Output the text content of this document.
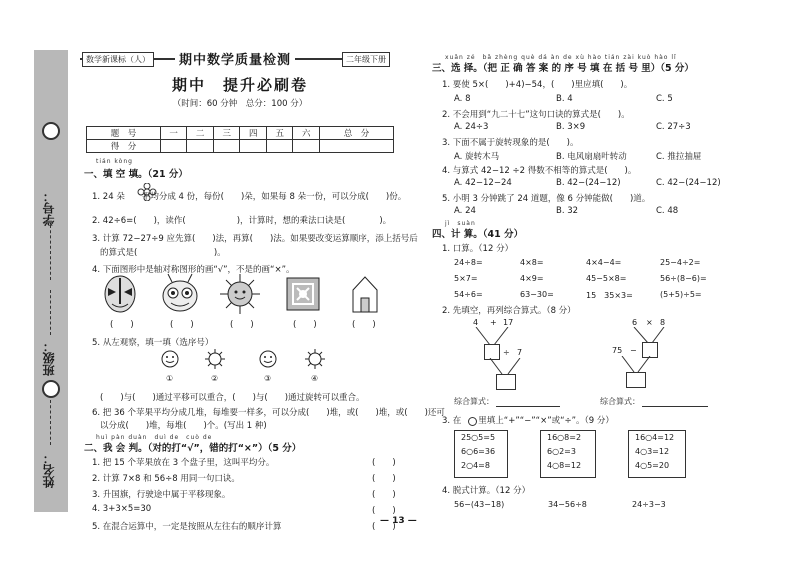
学号：
班级：
姓名：
数学新课标（人）	期中数学质量检测	二年级下册
期中　提升必刷卷
（时间：60 分钟　总分：100 分）
题　号	一	二	三	四	五	六	总　分
得　分							
tián kòng
一、填 空 填。（21 分）
1. 24 朵　　平均分成 4 份，每份(　　)朵，如果每 8 朵一份，可以分成(　　)份。
2. 42÷6=(　　)，读作(　　　　　　)，计算时，想的乘法口诀是(　　　　)。
3. 计算 72−27÷9 应先算(　　)法，再算(　　)法。如果要改变运算顺序，添上括号后
的算式是(　　　　　　　　　)。
4. 下面图形中是轴对称图形的画“√”，不是的画“×”。
(　　)	(　　)	(　　)	(　　)	(　　)
5. 从左观察，填一填（选序号）
①	②	③	④
(　　)与(　　)通过平移可以重合，(　　)与(　　)通过旋转可以重合。
6. 把 36 个苹果平均分成几堆，每堆要一样多，可以分成(　　)堆，或(　　)堆，或(　　)还可
以分成(　　)堆，每堆(　　)个。(写出 1 种)
huì pàn duàn　duì de　cuò de
二、我 会 判。（对的打“√”，错的打“×”）（5 分）
1. 把 15 个苹果放在 3 个盘子里，这叫平均分。
2. 计算 7×8 和 56÷8 用同一句口诀。
3. 升国旗，行驶途中属于平移现象。
4. 3+3×5=30
5. 在混合运算中，一定是按照从左往右的顺序计算
(　　)
(　　)
(　　)
(　　)
(　　)
— 13 —
xuǎn zé　bǎ zhèng què dá àn de xù hào tián zài kuò hào lǐ
三、选 择。（把 正 确 答 案 的 序 号 填 在 括 号 里）（5 分）
1. 要使 5×(　　)+4)−54，(　　)里应填(　　)。
A. 8	B. 4	C. 5
2. 不会用到“九二十七”这句口诀的算式是(　　)。
A. 24÷3	B. 3×9	C. 27÷3
3. 下面不属于旋转现象的是(　　)。
A. 旋转木马	B. 电风扇扇叶转动	C. 推拉抽屉
4. 与算式 42−12 ÷2 得数不相等的算式是(　　)。
A. 42−12−24	B. 42−(24−12)	C. 42−(24−12)
5. 小明 3 分钟跳了 24 道题，像 6 分钟能做(　　)道。
A. 24	B. 32	C. 48
jì　suàn
四、计 算。（41 分）
1. 口算。（12 分）
24÷8=	4×8=	4×4−4=	25−4÷2=
5×7=	4×9=	45−5×8=	56÷(8−6)=
54÷6=	63−30=	15　35×3=	(5+5)÷5=
2. 先填空，再列综合算式。（8 分）
4 + 17
÷ 7
综合算式：
6 × 8
75 −
综合算式：
3. 在　　里填上“+”“−”“×”或“÷”。（9 分）
25○5=5
6○6=36
2○4=8
16○8=2
6○2=3
4○8=12
16○4=12
4○3=12
4○5=20
4. 脱式计算。（12 分）
56−(43−18)	34−56÷8	24÷3−3
